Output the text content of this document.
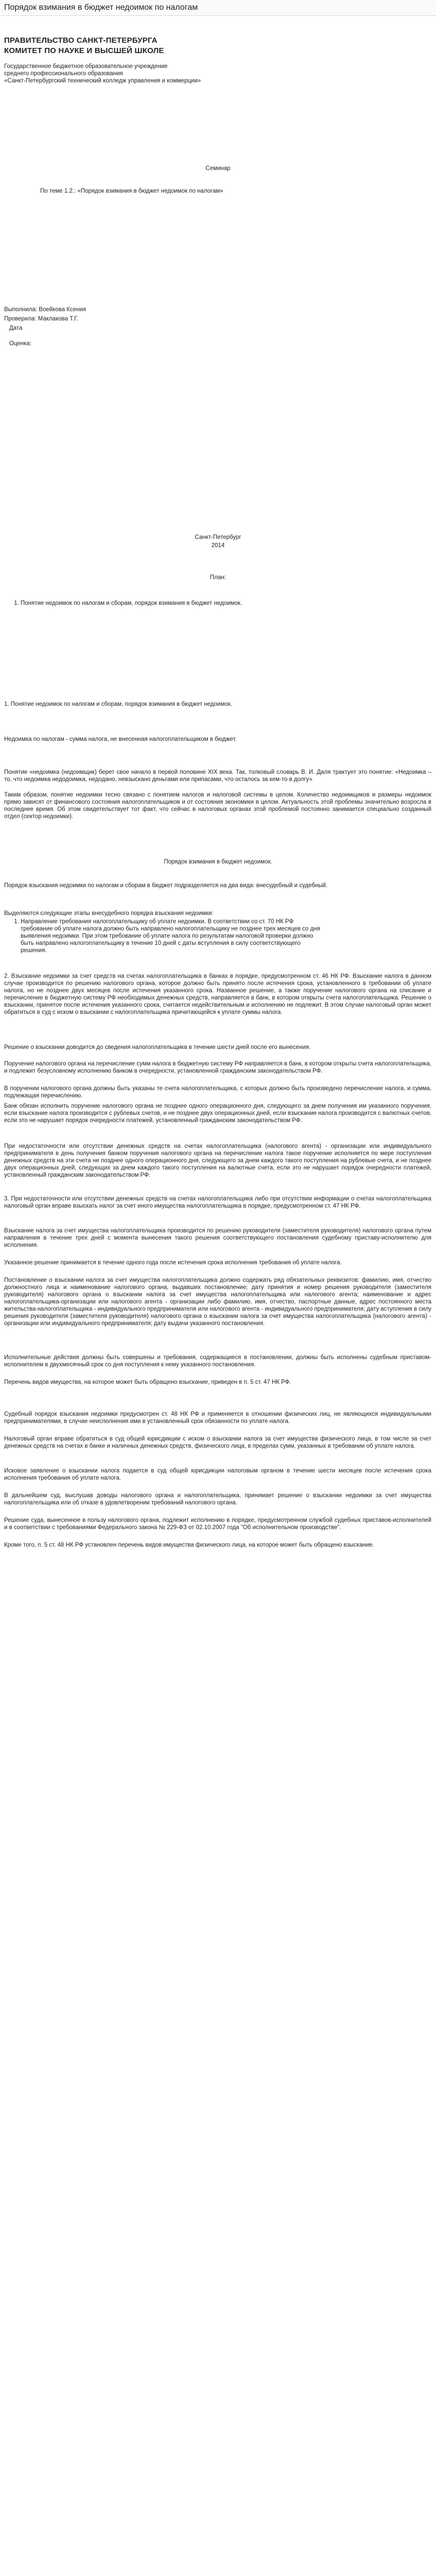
Порядок взимания в бюджет недоимок по налогам
ПРАВИТЕЛЬСТВО САНКТ-ПЕТЕРБУРГА
КОМИТЕТ ПО НАУКЕ И ВЫСШЕЙ ШКОЛЕ
Государственное бюджетное образовательное учреждение
среднего профессионального образования
«Санкт-Петербургский технический колледж управления и коммерции»
Семинар
По теме 1.2.: «Порядок взимания в бюджет недоимок по налогам»
Выполнила: Воейкова Ксения
Проверила: Маклакова Т.Г.
Дата
Оценка:
Санкт-Петербург
2014
План:
1. Понятие недоимок по налогам и сборам, порядок взимания в бюджет недоимок.
1. Понятие недоимок по налогам и сборам, порядок взимания в бюджет недоимок.
Недоимка по налогам - сумма налога, не внесенная налогоплательщиком в бюджет.
Понятие «недоимка (недоимщик) берет свое начало в первой половине XIX века. Так, толковый словарь В. И. Даля трактует это понятие: «Недоимка – то, что недоимка недодоимка, недодано, невзыскано деньгами или припасами, что осталось за кем-то в долгу»
Таким образом, понятие недоимки тесно связано с понятием налогов и налоговой системы в целом. Количество недоимщиков и размеры недоимок прямо зависят от финансового состояния налогоплательщиков и от состояния экономики в целом. Актуальность этой проблемы значительно возросла в последнее время. Об этом свидетельствует тот факт, что сейчас в налоговых органах этой проблемой постоянно занимается специально созданный отдел (сектор недоимки).
Порядок взимания в бюджет недоимок.
Порядок взыскания недоимки по налогам и сборам в бюджет подразделяется на два вида: внесудебный и судебный.
Выделяются следующие этапы внесудебного порядка взыскания недоимки:
1. Направление требования налогоплательщику об уплате недоимки. В соответствии со ст. 70 НК РФ требование об уплате налога должно быть направлено налогоплательщику не позднее трех месяцев со дня выявления недоимки. При этом требование об уплате налога по результатам налоговой проверки должно быть направлено налогоплательщику в течение 10 дней с даты вступления в силу соответствующего решения.
2. Взыскание недоимки за счет средств на счетах налогоплательщика в банках в порядке, предусмотренном ст. 46 НК РФ. Взыскание налога в данном случае производится по решению налогового органа, которое должно быть принято после истечения срока, установленного в требовании об уплате налога, но не позднее двух месяцев после истечения указанного срока. Названное решение, а также поручение налогового органа на списание и перечисление в бюджетную систему РФ необходимых денежных средств, направляется в банк, в котором открыты счета налогоплательщика. Решение о взыскании, принятое после истечения указанного срока, считается недействительным и исполнению не подлежит. В этом случае налоговый орган может обратиться в суд с иском о взыскании с налогоплательщика причитающейся к уплате суммы налога.
Решение о взыскании доводится до сведения налогоплательщика в течение шести дней после его вынесения.
Поручение налогового органа на перечисление сумм налога в бюджетную систему РФ направляется в банк, в котором открыты счета налогоплательщика, и подлежит безусловному исполнению банком в очередности, установленной гражданским законодательством РФ.
В поручении налогового органа должны быть указаны те счета налогоплательщика, с которых должно быть произведено перечисление налога, и сумма, подлежащая перечислению.
Банк обязан исполнить поручение налогового органа не позднее одного операционного дня, следующего за днем получения им указанного поручения, если взыскание налога производится с рублевых счетов, и не позднее двух операционных дней, если взыскание налога производится с валютных счетов, если это не нарушает порядок очередности платежей, установленный гражданским законодательством РФ.
При недостаточности или отсутствии денежных средств на счетах налогоплательщика (налогового агента) - организации или индивидуального предпринимателя в день получения банком поручения налогового органа на перечисление налога такое поручение исполняется по мере поступления денежных средств на эти счета не позднее одного операционного дня, следующего за днем каждого такого поступления на рублевые счета, и не позднее двух операционных дней, следующих за днем каждого такого поступления на валютные счета, если это не нарушает порядок очередности платежей, установленный гражданским законодательством РФ.
3. При недостаточности или отсутствии денежных средств на счетах налогоплательщика либо при отсутствии информации о счетах налогоплательщика налоговый орган вправе взыскать налог за счет иного имущества налогоплательщика в порядке, предусмотренном ст. 47 НК РФ.
Взыскание налога за счет имущества налогоплательщика производится по решению руководителя (заместителя руководителя) налогового органа путем направления в течение трех дней с момента вынесения такого решения соответствующего постановления судебному приставу-исполнителю для исполнения.
Указанное решение принимается в течение одного года после истечения срока исполнения требования об уплате налога.
Постановление о взыскании налога за счет имущества налогоплательщика должно содержать ряд обязательных реквизитов: фамилию, имя, отчество должностного лица и наименование налогового органа, выдавших постановление; дату принятия и номер решения руководителя (заместителя руководителя) налогового органа о взыскании налога за счет имущества налогоплательщика или налогового агента; наименование и адрес налогоплательщика-организации или налогового агента - организации либо фамилию, имя, отчество, паспортные данные, адрес постоянного места жительства налогоплательщика - индивидуального предпринимателя или налогового агента - индивидуального предпринимателя; дату вступления в силу решения руководителя (заместителя руководителя) налогового органа о взыскании налога за счет имущества налогоплательщика (налогового агента) - организации или индивидуального предпринимателя; дату выдачи указанного постановления.
Исполнительные действия должны быть совершены и требования, содержащиеся в постановлении, должны быть исполнены судебным приставом-исполнителем в двухмесячный срок со дня поступления к нему указанного постановления.
Перечень видов имущества, на которое может быть обращено взыскание, приведен в п. 5 ст. 47 НК РФ.
Судебный порядок взыскания недоимки предусмотрен ст. 48 НК РФ и применяется в отношении физических лиц, не являющихся индивидуальными предпринимателями, в случае неисполнения ими в установленный срок обязанности по уплате налога.
Налоговый орган вправе обратиться в суд общей юрисдикции с иском о взыскании налога за счет имущества физического лица, в том числе за счет денежных средств на счетах в банке и наличных денежных средств, физического лица, в пределах сумм, указанных в требовании об уплате налога.
Исковое заявление о взыскании налога подается в суд общей юрисдикции налоговым органом в течение шести месяцев после истечения срока исполнения требования об уплате налога.
В дальнейшем суд, выслушав доводы налогового органа и налогоплательщика, принимает решение о взыскании недоимки за счет имущества налогоплательщика или об отказе в удовлетворении требований налогового органа.
Решение суда, вынесенное в пользу налогового органа, подлежит исполнению в порядке, предусмотренном службой судебных приставов-исполнителей и в соответствии с требованиями Федерального закона № 229-ФЗ от 02.10.2007 года "Об исполнительном производстве".
Кроме того, п. 5 ст. 48 НК РФ установлен перечень видов имущества физического лица, на которое может быть обращено взыскание.
